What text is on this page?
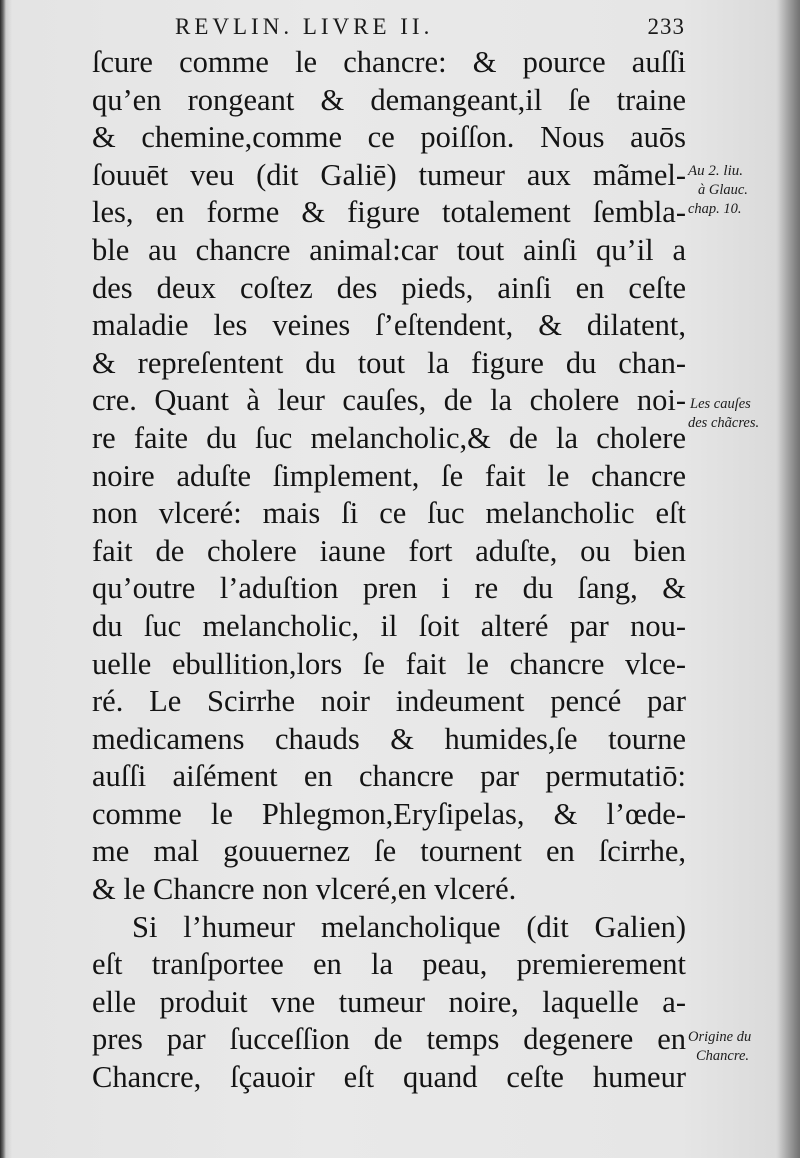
REVLIN. LIVRE II.	233
ſcure comme le chancre: & pource auſſi
qu’en rongeant & demangeant,il ſe traine
& chemine,comme ce poiſſon. Nous auōs
ſouuēt veu (dit Galiē) tumeur aux mãmel-
les, en forme & figure totalement ſembla-
ble au chancre animal:car tout ainſi qu’il a
des deux coſtez des pieds, ainſi en ceſte
maladie les veines ſ’eſtendent, & dilatent,
& repreſentent du tout la figure du chan-
cre. Quant à leur cauſes, de la cholere noi-
re faite du ſuc melancholic,& de la cholere
noire aduſte ſimplement, ſe fait le chancre
non vlceré: mais ſi ce ſuc melancholic eſt
fait de cholere iaune fort aduſte, ou bien
qu’outre l’aduſtion pren i re du ſang, &
du ſuc melancholic, il ſoit alteré par nou-
uelle ebullition,lors ſe fait le chancre vlce-
ré. Le Scirrhe noir indeument pencé par
medicamens chauds & humides,ſe tourne
auſſi aiſément en chancre par permutatiō:
comme le Phlegmon,Eryſipelas, & l’œde-
me mal gouuernez ſe tournent en ſcirrhe,
& le Chancre non vlceré,en vlceré.
Si l’humeur melancholique (dit Galien)
eſt tranſportee en la peau, premierement
elle produit vne tumeur noire, laquelle a-
pres par ſucceſſion de temps degenere en
Chancre, ſçauoir eſt quand ceſte humeur
Au 2. liu.
à Glauc.
chap. 10.
Les cauſes
des chãcres.
Origine du
Chancre.
